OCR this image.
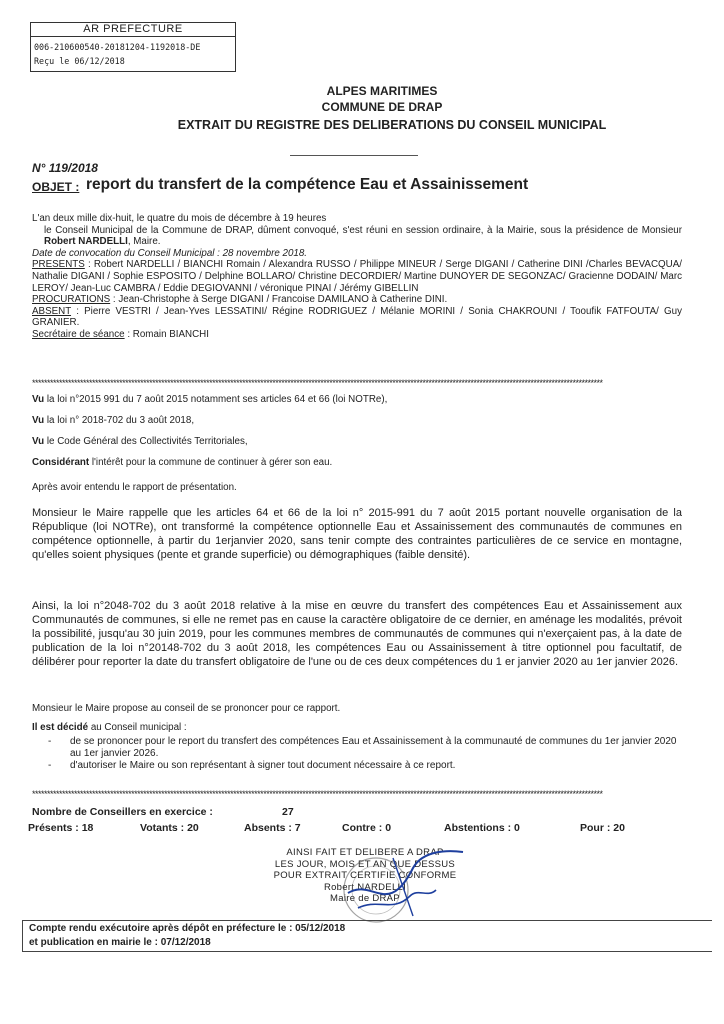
AR PREFECTURE
006-210600540-20181204-1192018-DE
Reçu le 06/12/2018
ALPES MARITIMES
COMMUNE DE DRAP
EXTRAIT DU REGISTRE DES DELIBERATIONS DU CONSEIL MUNICIPAL
N° 119/2018
OBJET : report du transfert de la compétence Eau et Assainissement
L'an deux mille dix-huit, le quatre du mois de décembre à 19 heures
le Conseil Municipal de la Commune de DRAP, dûment convoqué, s'est réuni en session ordinaire, à la Mairie, sous la présidence de Monsieur Robert NARDELLI, Maire.
Date de convocation du Conseil Municipal : 28 novembre 2018.
PRESENTS : Robert NARDELLI / BIANCHI Romain / Alexandra RUSSO / Philippe MINEUR / Serge DIGANI / Catherine DINI /Charles BEVACQUA/ Nathalie DIGANI / Sophie ESPOSITO / Delphine BOLLARO/ Christine DECORDIER/ Martine DUNOYER DE SEGONZAC/ Gracienne DODAIN/ Marc LEROY/ Jean-Luc CAMBRA / Eddie DEGIOVANNI / véronique PINAI / Jérémy GIBELLIN
PROCURATIONS : Jean-Christophe à Serge DIGANI / Francoise DAMILANO à Catherine DINI.
ABSENT : Pierre VESTRI / Jean-Yves LESSATINI/ Régine RODRIGUEZ / Mélanie MORINI / Sonia CHAKROUNI / Tooufik FATFOUTA/ Guy GRANIER.
Secrétaire de séance : Romain BIANCHI
**********************************************************************************************************************************************************************************************
Vu la loi n°2015 991 du 7 août 2015 notamment ses articles 64 et 66 (loi NOTRe),
Vu la loi n° 2018-702 du 3 août 2018,
Vu le Code Général des Collectivités Territoriales,
Considérant l'intérêt pour la commune de continuer à gérer son eau.
Après avoir entendu le rapport de présentation.
Monsieur le Maire rappelle que les articles 64 et 66 de la loi n° 2015-991 du 7 août 2015 portant nouvelle organisation de la République (loi NOTRe), ont transformé la compétence optionnelle Eau et Assainissement des communautés de communes en compétence optionnelle, à partir du 1erjanvier 2020, sans tenir compte des contraintes particulières de ce service en montagne, qu'elles soient physiques (pente et grande superficie) ou démographiques (faible densité).
Ainsi, la loi n°2048-702 du 3 août 2018 relative à la mise en œuvre du transfert des compétences Eau et Assainissement aux Communautés de communes, si elle ne remet pas en cause la caractère obligatoire de ce dernier, en aménage les modalités, prévoit la possibilité, jusqu'au 30 juin 2019, pour les communes membres de communautés de communes qui n'exerçaient pas, à la date de publication de la loi n°20148-702 du 3 août 2018, les compétences Eau ou Assainissement à titre optionnel pou facultatif, de délibérer pour reporter la date du transfert obligatoire de l'une ou de ces deux compétences du 1 er janvier 2020 au 1er janvier 2026.
Monsieur le Maire propose au conseil de se prononcer pour ce rapport.
Il est décidé au Conseil municipal :
- de se prononcer pour le report du transfert des compétences Eau et Assainissement à la communauté de communes du 1er janvier 2020 au 1er janvier 2026.
- d'autoriser le Maire ou son représentant à signer tout document nécessaire à ce report.
**********************************************************************************************************************************************************************************************
Nombre de Conseillers en exercice :	27
Présents : 18	Votants : 20	Absents : 7	Contre : 0	Abstentions : 0	Pour : 20
AINSI FAIT ET DELIBERE A DRAP
LES JOUR, MOIS ET AN QUE DESSUS
POUR EXTRAIT CERTIFIE CONFORME
Robert NARDELLI
Maire de DRAP
Compte rendu exécutoire après dépôt en préfecture le : 05/12/2018
et publication en mairie le : 07/12/2018
